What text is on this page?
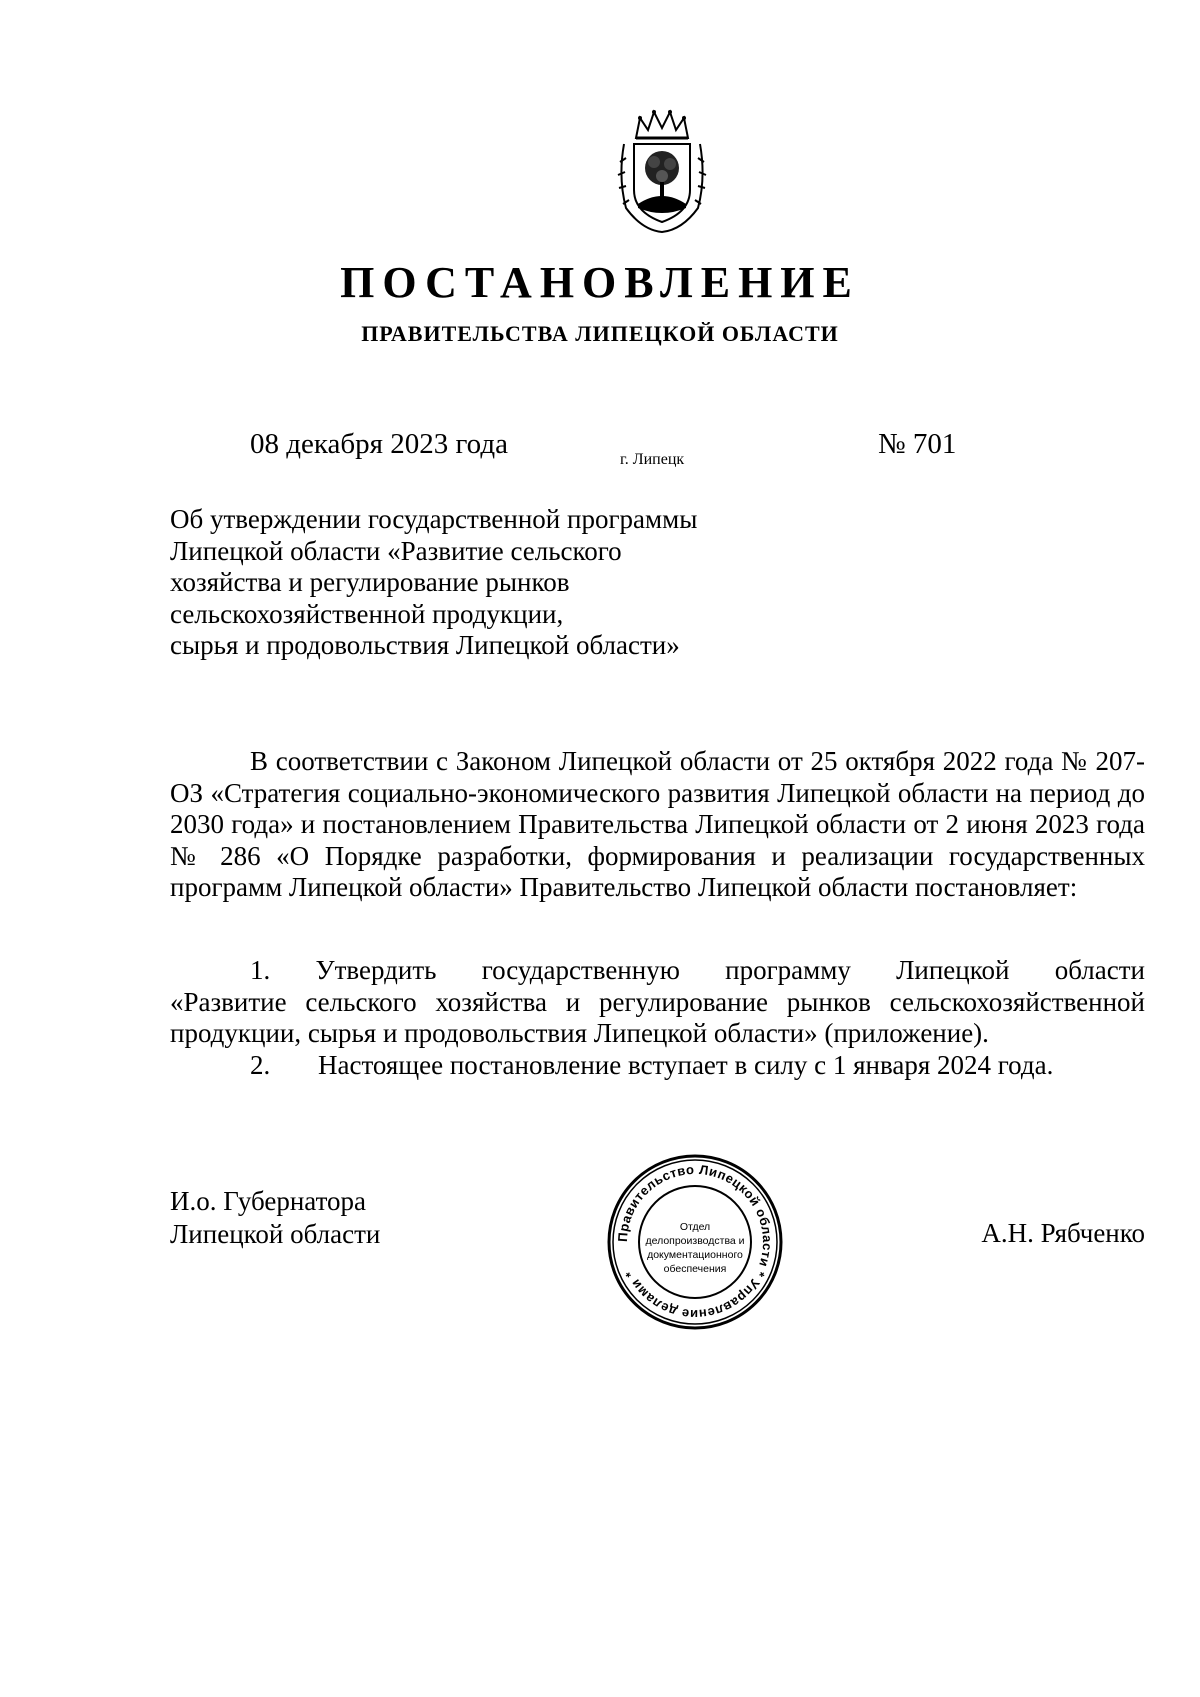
ПОСТАНОВЛЕНИЕ
ПРАВИТЕЛЬСТВА ЛИПЕЦКОЙ ОБЛАСТИ
08 декабря 2023 года	г. Липецк	№ 701
Об утверждении государственной программы
Липецкой области «Развитие сельского
хозяйства и регулирование рынков
сельскохозяйственной продукции,
сырья и продовольствия Липецкой области»

В соответствии с Законом Липецкой области от 25 октября 2022 года № 207-ОЗ «Стратегия социально-экономического развития Липецкой области на период до 2030 года» и постановлением Правительства Липецкой области от 2 июня 2023 года № 286 «О Порядке разработки, формирования и реализации государственных программ Липецкой области» Правительство Липецкой области постановляет:

1. Утвердить государственную программу Липецкой области

«Развитие сельского хозяйства и регулирование рынков сельскохозяйственной продукции, сырья и продовольствия Липецкой области» (приложение).

2. Настоящее постановление вступает в силу с 1 января 2024 года.
И.о. Губернатора
Липецкой области	А.Н. Рябченко
Правительство Липецкой области * Управление делами *
Отдел
делопроизводства и
документационного
обеспечения
